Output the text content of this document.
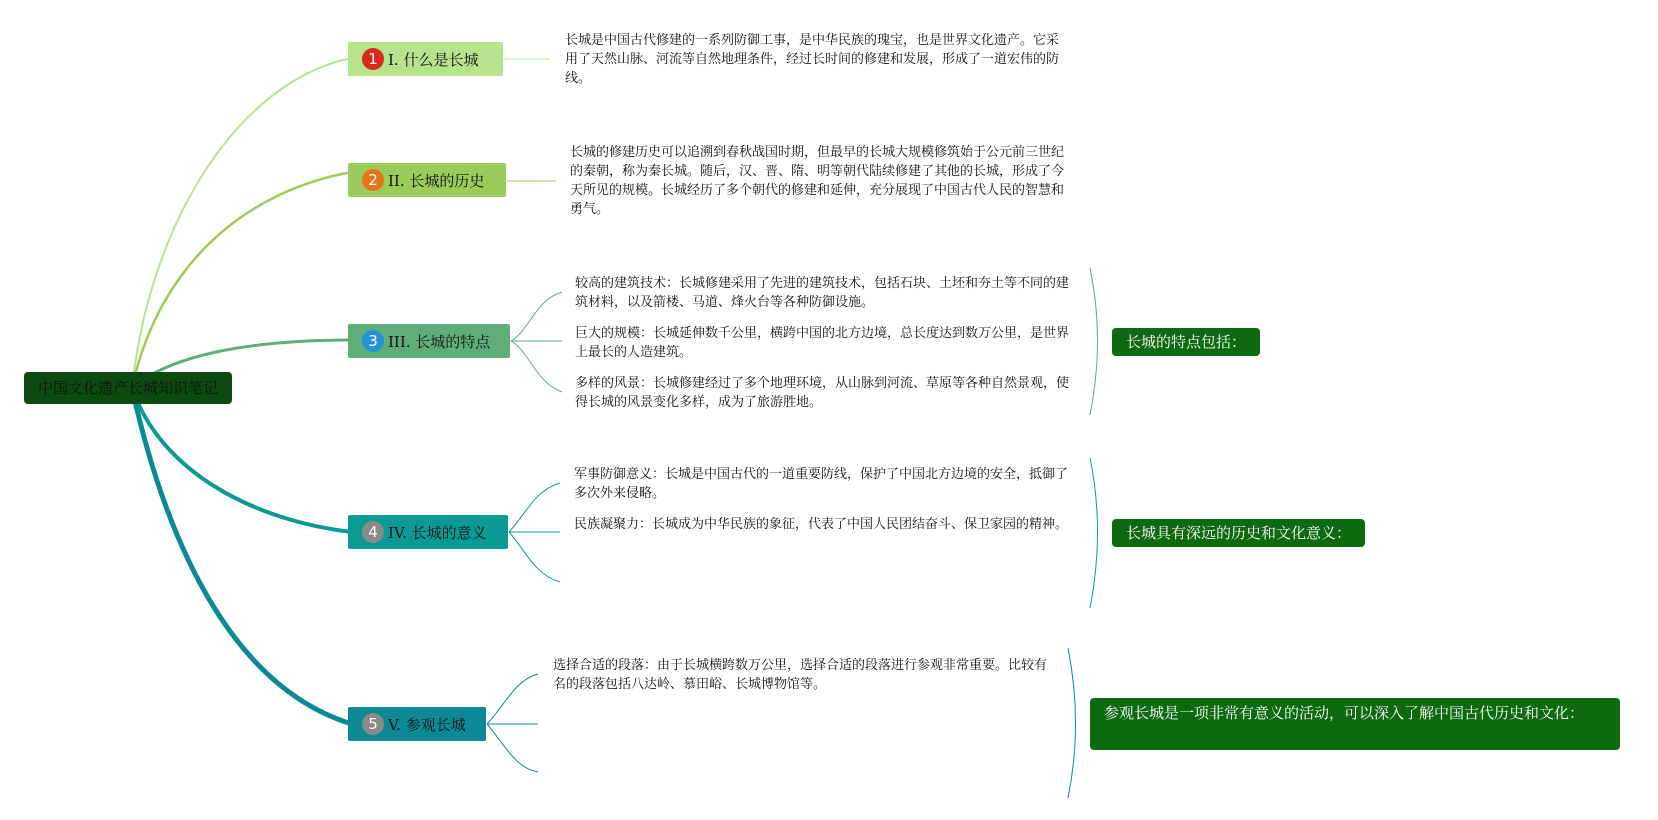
中国文化遗产长城知识笔记
1 I. 什么是长城
2 II. 长城的历史
3 III. 长城的特点
4 IV. 长城的意义
5 V. 参观长城

长城是中国古代修建的一系列防御工事，是中华民族的瑰宝，也是世界文化遗产。它采用了天然山脉、河流等自然地理条件，经过长时间的修建和发展，形成了一道宏伟的防线。

长城的修建历史可以追溯到春秋战国时期，但最早的长城大规模修筑始于公元前三世纪的秦朝，称为秦长城。随后，汉、晋、隋、明等朝代陆续修建了其他的长城，形成了今天所见的规模。长城经历了多个朝代的修建和延伸，充分展现了中国古代人民的智慧和勇气。

较高的建筑技术：长城修建采用了先进的建筑技术，包括石块、土坯和夯土等不同的建筑材料，以及箭楼、马道、烽火台等各种防御设施。

巨大的规模：长城延伸数千公里，横跨中国的北方边境，总长度达到数万公里，是世界上最长的人造建筑。

多样的风景：长城修建经过了多个地理环境，从山脉到河流、草原等各种自然景观，使得长城的风景变化多样，成为了旅游胜地。

军事防御意义：长城是中国古代的一道重要防线，保护了中国北方边境的安全，抵御了多次外来侵略。

民族凝聚力：长城成为中华民族的象征，代表了中国人民团结奋斗、保卫家园的精神。

选择合适的段落：由于长城横跨数万公里，选择合适的段落进行参观非常重要。比较有名的段落包括八达岭、慕田峪、长城博物馆等。

长城的特点包括：
长城具有深远的历史和文化意义：
参观长城是一项非常有意义的活动，可以深入了解中国古代历史和文化：
